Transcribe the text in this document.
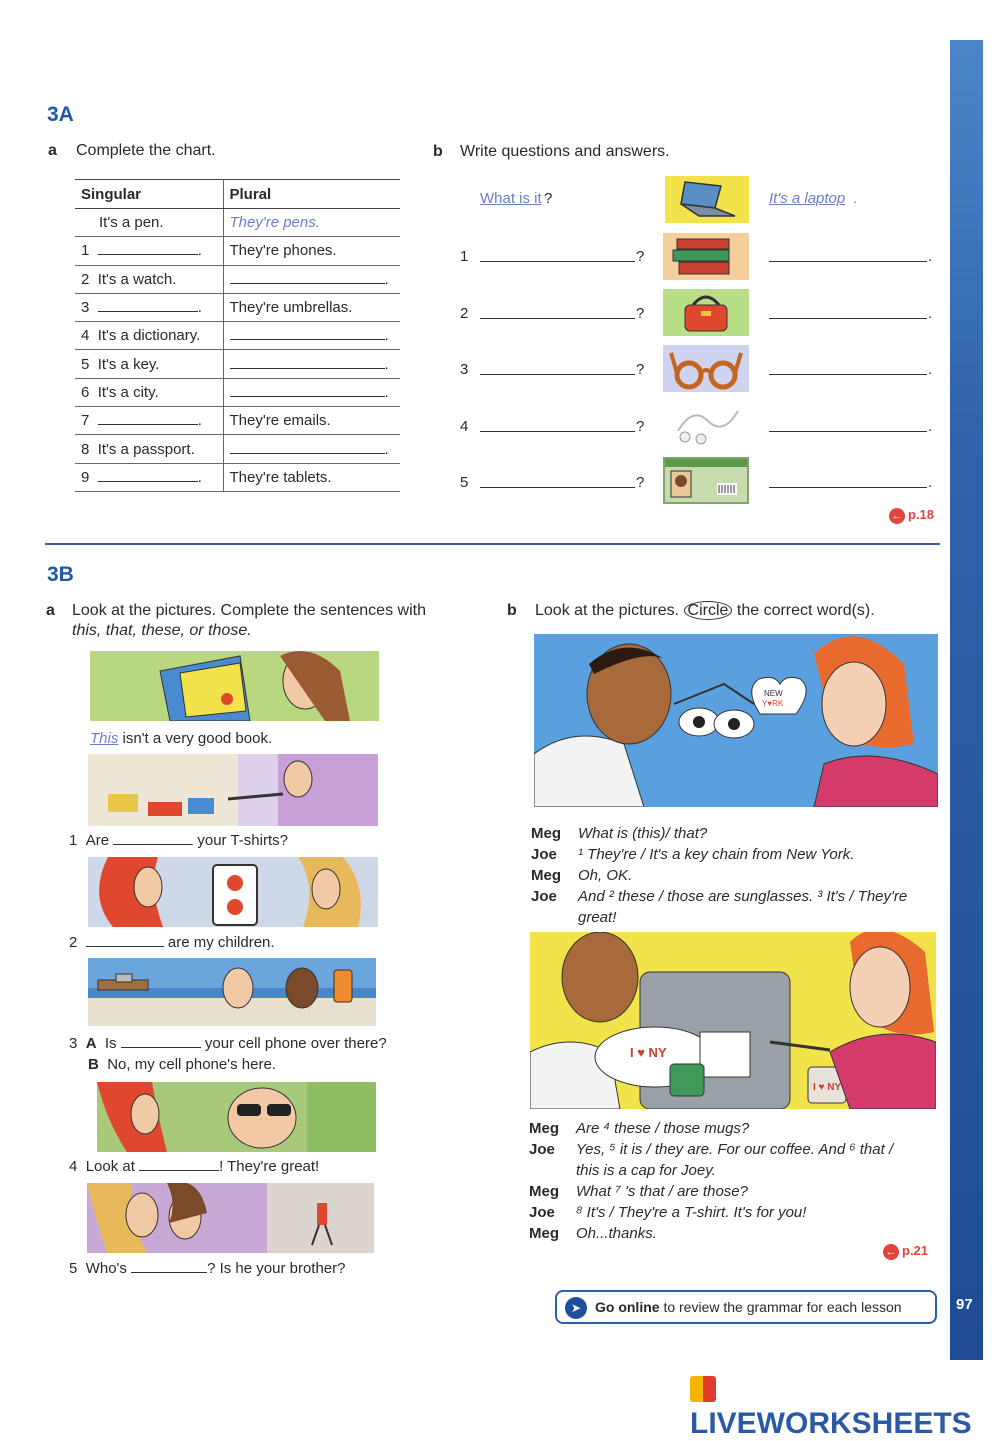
97
3A
a Complete the chart.
Singular	Plural
It's a pen.	They're pens.
1 .	They're phones.
2 It's a watch.	.
3 .	They're umbrellas.
4 It's a dictionary.	.
5 It's a key.	.
6 It's a city.	.
7 .	They're emails.
8 It's a passport.	.
9 .	They're tablets.
b Write questions and answers.
What is it ?	It's a laptop .
1	?	.
2	?	.
3	?	.
4	?	.
5	?	.
← p.18
3B
a Look at the pictures. Complete the sentences with
this, that, these, or those.
This isn't a very good book.
1 Are	your T-shirts?
2	are my children.
3 A Is	your cell phone over there?
B No, my cell phone's here.
4 Look at	! They're great!
5 Who's	? Is he your brother?
b Look at the pictures. Circle the correct word(s).
NEW
Y♥RK
Meg What is (this)/ that?
Joe ¹ They're / It's a key chain from New York.
Meg Oh, OK.
Joe And ² these / those are sunglasses. ³ It's / They're
great!
I ♥ NY
I ♥ NY
Meg Are ⁴ these / those mugs?
Joe Yes, ⁵ it is / they are. For our coffee. And ⁶ that /
this is a cap for Joey.
Meg What ⁷ 's that / are those?
Joe ⁸ It's / They're a T-shirt. It's for you!
Meg Oh...thanks.
← p.21
➤ Go online to review the grammar for each lesson
LIVEWORKSHEETS
